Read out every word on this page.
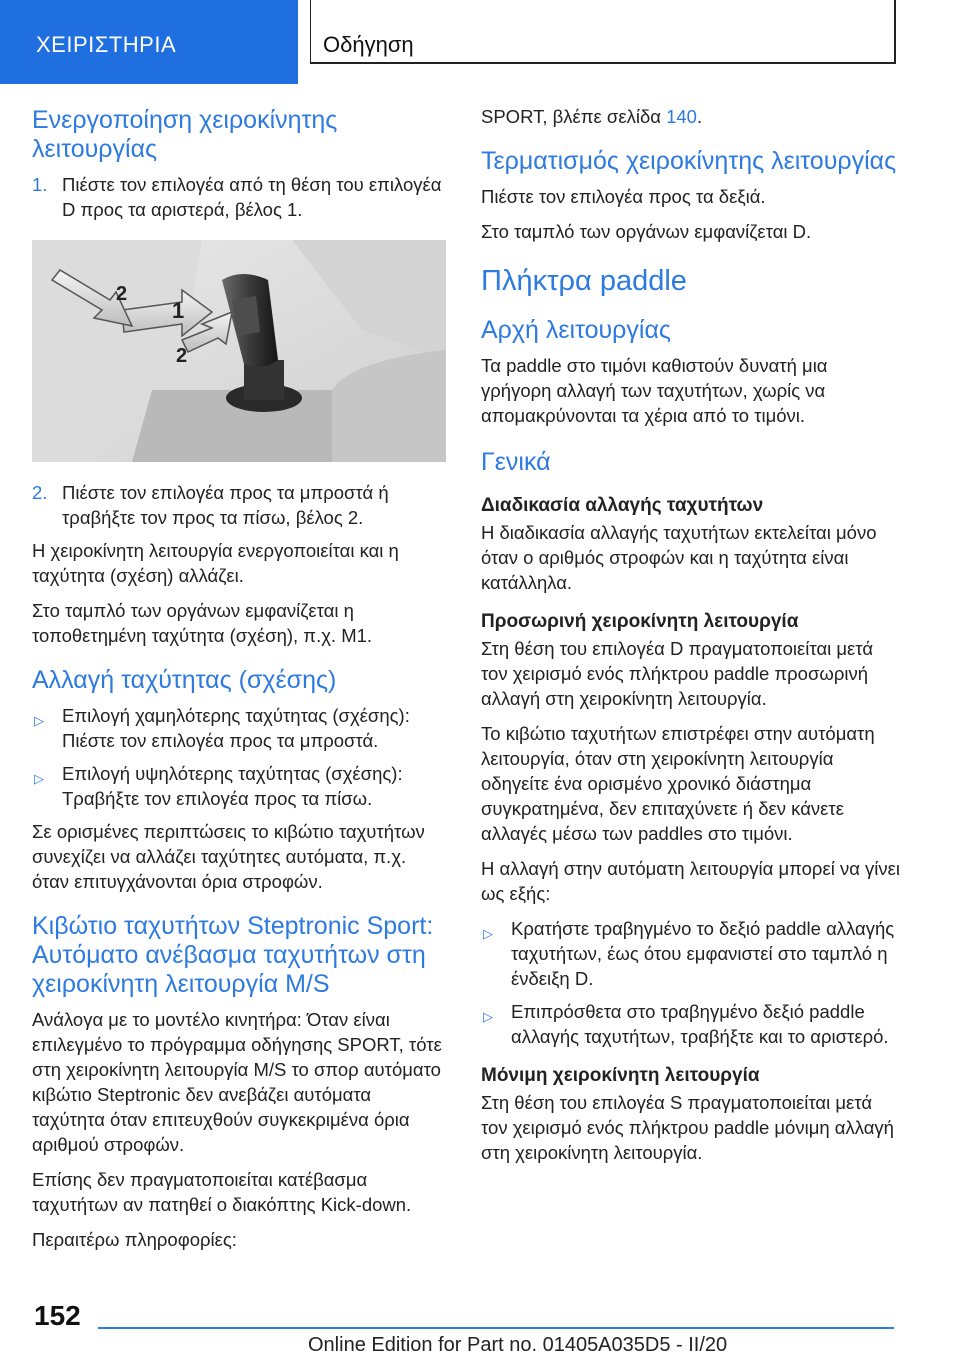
ΧΕΙΡΙΣΤΗΡΙΑ	Οδήγηση
Ενεργοποίηση χειροκίνητης λειτουργίας
1. Πιέστε τον επιλογέα από τη θέση του επιλογέα D προς τα αριστερά, βέλος 1.
1
2
2
2. Πιέστε τον επιλογέα προς τα μπροστά ή τραβήξτε τον προς τα πίσω, βέλος 2.

Η χειροκίνητη λειτουργία ενεργοποιείται και η ταχύτητα (σχέση) αλλάζει.

Στο ταμπλό των οργάνων εμφανίζεται η τοποθετημένη ταχύτητα (σχέση), π.χ. M1.

Αλλαγή ταχύτητας (σχέσης)
▷ Επιλογή χαμηλότερης ταχύτητας (σχέσης): Πιέστε τον επιλογέα προς τα μπροστά.
▷ Επιλογή υψηλότερης ταχύτητας (σχέσης): Τραβήξτε τον επιλογέα προς τα πίσω.

Σε ορισμένες περιπτώσεις το κιβώτιο ταχυτήτων συνεχίζει να αλλάζει ταχύτητες αυτόματα, π.χ. όταν επιτυγχάνονται όρια στροφών.

Κιβώτιο ταχυτήτων Steptronic Sport: Αυτόματο ανέβασμα ταχυτήτων στη χειροκίνητη λειτουργία M/S

Ανάλογα με το μοντέλο κινητήρα: Όταν είναι επιλεγμένο το πρόγραμμα οδήγησης SPORT, τότε στη χειροκίνητη λειτουργία M/S το σπορ αυτόματο κιβώτιο Steptronic δεν ανεβάζει αυτόματα ταχύτητα όταν επιτευχθούν συγκεκριμένα όρια αριθμού στροφών.

Επίσης δεν πραγματοποιείται κατέβασμα ταχυτήτων αν πατηθεί ο διακόπτης Kick-down.

Περαιτέρω πληροφορίες:

SPORT, βλέπε σελίδα 140.

Τερματισμός χειροκίνητης λειτουργίας

Πιέστε τον επιλογέα προς τα δεξιά.

Στο ταμπλό των οργάνων εμφανίζεται D.

Πλήκτρα paddle
Αρχή λειτουργίας

Τα paddle στο τιμόνι καθιστούν δυνατή μια γρήγορη αλλαγή των ταχυτήτων, χωρίς να απομακρύνονται τα χέρια από το τιμόνι.

Γενικά
Διαδικασία αλλαγής ταχυτήτων

Η διαδικασία αλλαγής ταχυτήτων εκτελείται μόνο όταν ο αριθμός στροφών και η ταχύτητα είναι κατάλληλα.

Προσωρινή χειροκίνητη λειτουργία

Στη θέση του επιλογέα D πραγματοποιείται μετά τον χειρισμό ενός πλήκτρου paddle προσωρινή αλλαγή στη χειροκίνητη λειτουργία.

Το κιβώτιο ταχυτήτων επιστρέφει στην αυτόματη λειτουργία, όταν στη χειροκίνητη λειτουργία οδηγείτε ένα ορισμένο χρονικό διάστημα συγκρατημένα, δεν επιταχύνετε ή δεν κάνετε αλλαγές μέσω των paddles στο τιμόνι.

Η αλλαγή στην αυτόματη λειτουργία μπορεί να γίνει ως εξής:

▷ Κρατήστε τραβηγμένο το δεξιό paddle αλλαγής ταχυτήτων, έως ότου εμφανιστεί στο ταμπλό η ένδειξη D.
▷ Επιπρόσθετα στο τραβηγμένο δεξιό paddle αλλαγής ταχυτήτων, τραβήξτε και το αριστερό.
Μόνιμη χειροκίνητη λειτουργία

Στη θέση του επιλογέα S πραγματοποιείται μετά τον χειρισμό ενός πλήκτρου paddle μόνιμη αλλαγή στη χειροκίνητη λειτουργία.

152
Online Edition for Part no. 01405A035D5 - II/20
